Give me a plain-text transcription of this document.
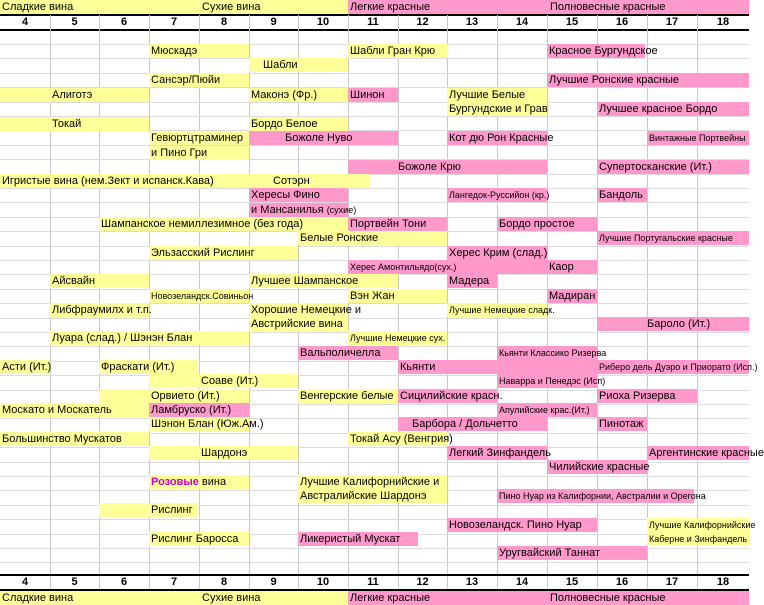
Сладкие вина	Сухие вина	Легкие красные	Полновесные красные
4	5	6	7	8	9	10	11	12	13	14	15	16	17	18
Мюскадэ	Шабли Гран Крю	Красное Бургундское
Шабли
Сансэр/Пюйи	Лучшие Ронские красные
Алиготэ	Маконэ (Фр.)	Шинон	Лучшие Белые
Бургундские и Грав	Лучшее красное Бордо
Токай	Бордо Белое
Гевюртцтраминер	Божоле Нуво	Кот дю Рон Красные	Винтажные Портвейны
и Пино Гри
Божоле Крю	Супертосканские (Ит.)
Игристые вина (нем.Зект и испанск.Кава)	Сотэрн
Хересы Фино	Лангедок-Руссийон (кр.)	Бандоль
и Мансанилья (сухие)
Шампанское немиллезимное (без года)	Портвейн Тони	Бордо простое
Белые Ронские	Лучшие Португальские красные
Эльзасский Рислинг	Херес Крим (слад.)
Херес Амонтильядо(сух.)	Каор
Айсвайн	Лучшее Шампанское	Мадера
Новозеландск.Совиньон	Вэн Жан	Мадиран
Либфраумилх и т.п.	Хорошие Немецкие и	Лучшие Немецкие сладк.
Австрийские вина	Бароло (Ит.)
Луара (слад.) / Шэнэн Блан	Лучшие Немецкие сух.
Вальполичелла	Кьянти Классико Ризерва
Асти (Ит.)	Фраскати (Ит.)	Кьянти	Риберо дель Дуэро и Приорато (Исп.)
Соаве (Ит.)	Наварра и Пенедэс (Исп)
Орвието (Ит.)	Венгерские белые Сицилийские красн.	Риоха Ризерва
Москато и Москатель	Ламбруско (Ит.)	Апулийские крас.(Ит.)
Шэнон Блан (Юж.Ам.)	Барбора / Дольчетто	Пинотаж
Большинство Мускатов	Токай Асу (Венгрия)
Шардонэ	Легкий Зинфандель	Аргентинские красные
Чилийские красные
Розовые вина	Лучшие Калифорнийские и
Австралийские Шардонэ	Пино Нуар из Калифорнии, Австралии и Орегона
Рислинг
Новозеландск. Пино Нуар	Лучшие Калифорнийские
Рислинг Баросса	Ликеристый Мускат	Каберне и Зинфандель
Уругвайский Таннат
4	5	6	7	8	9	10	11	12	13	14	15	16	17	18
Сладкие вина	Сухие вина	Легкие красные	Полновесные красные
